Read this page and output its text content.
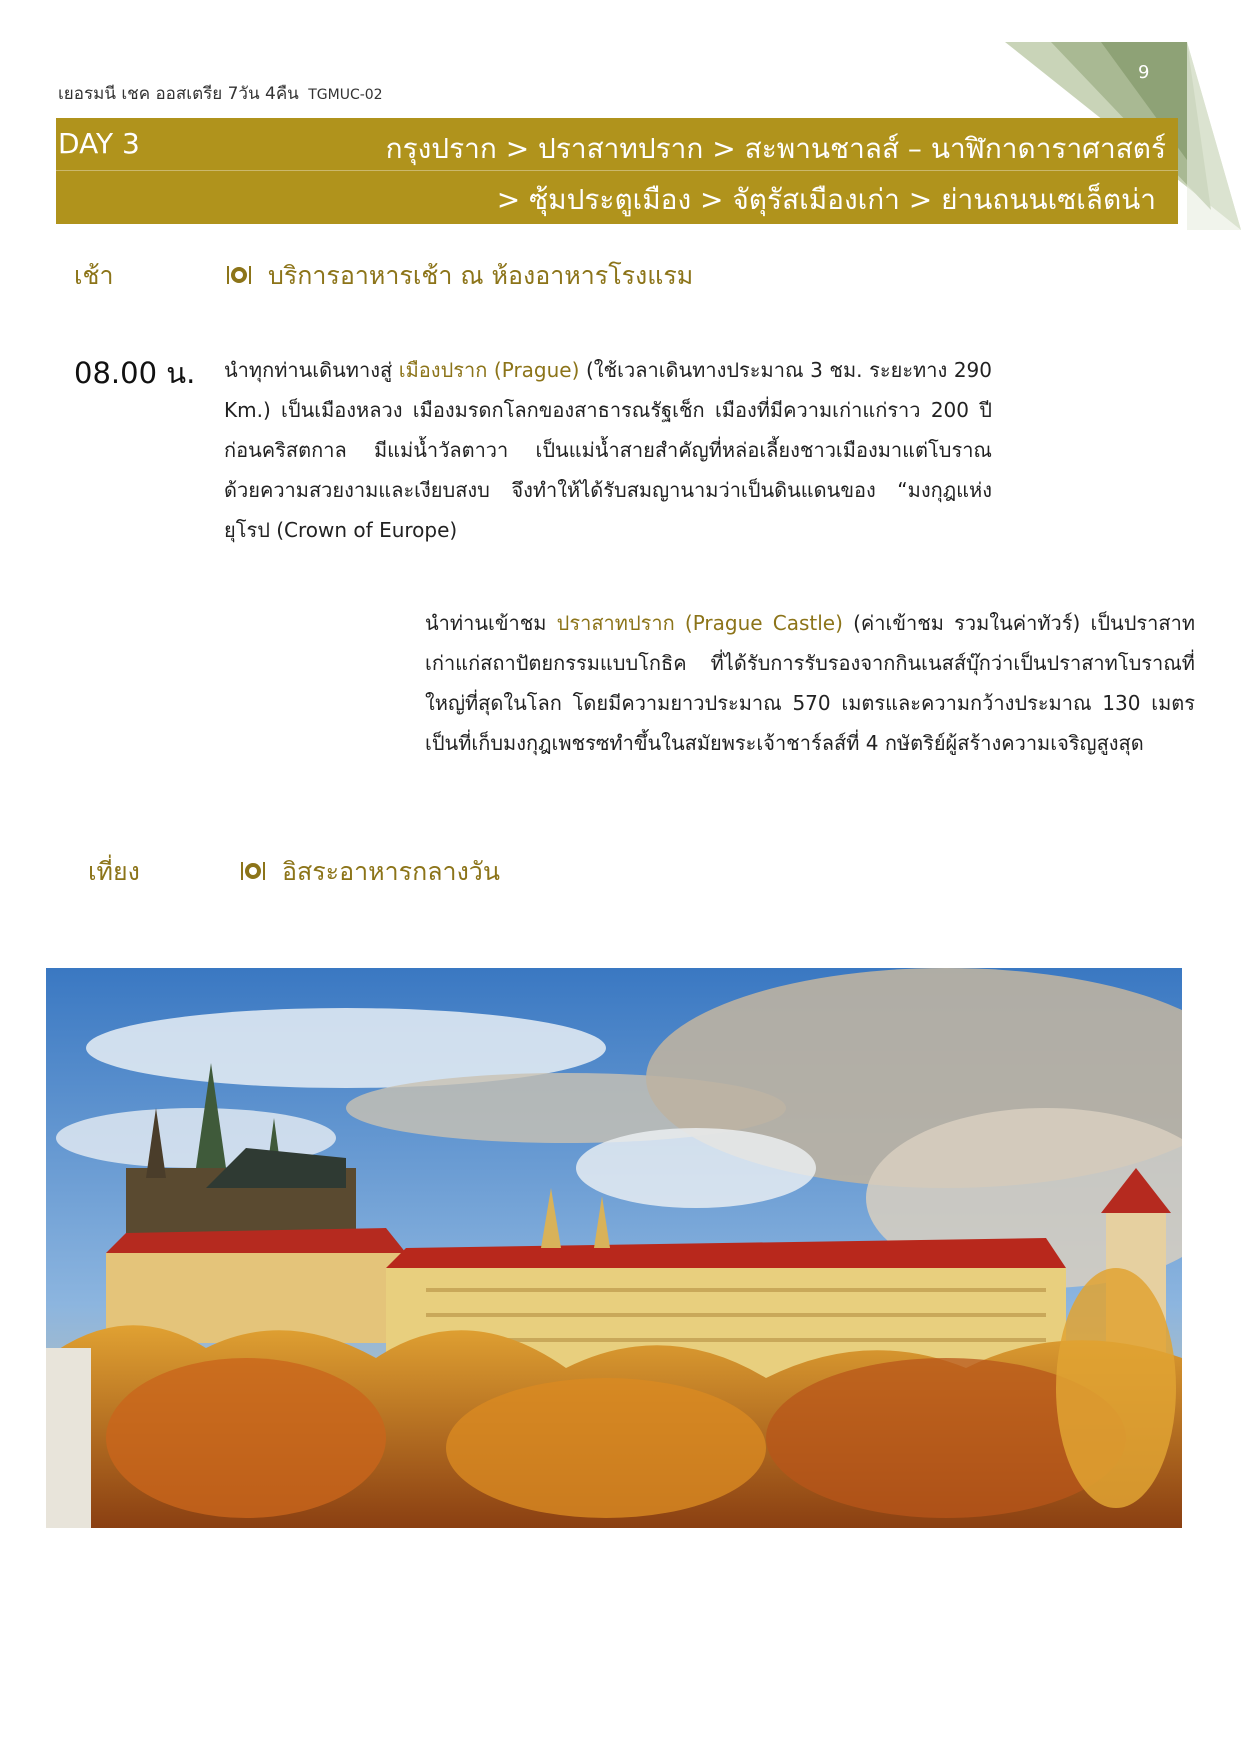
9
เยอรมนี เชค ออสเตรีย 7วัน 4คืน TGMUC-02
DAY 3	กรุงปราก > ปราสาทปราก > สะพานชาลส์ – นาฬิกาดาราศาสตร์
> ซุ้มประตูเมือง > จัตุรัสเมืองเก่า > ย่านถนนเซเล็ตน่า
เช้า	บริการอาหารเช้า ณ ห้องอาหารโรงแรม
08.00 น. นำทุกท่านเดินทางสู่ เมืองปราก (Prague) (ใช้เวลาเดินทางประมาณ 3 ชม. ระยะทาง 290 Km.) เป็นเมืองหลวง เมืองมรดกโลกของสาธารณรัฐเช็ก เมืองที่มีความเก่าแก่ราว 200 ปีก่อนคริสตกาล มีแม่น้ำวัลตาวา เป็นแม่น้ำสายสำคัญที่หล่อเลี้ยงชาวเมืองมาแต่โบราณ ด้วยความสวยงามและเงียบสงบ จึงทำให้ได้รับสมญานามว่าเป็นดินแดนของ “มงกุฎแห่งยุโรป (Crown of Europe)

นำท่านเข้าชม ปราสาทปราก (Prague Castle) (ค่าเข้าชม รวมในค่าทัวร์) เป็นปราสาทเก่าแก่สถาปัตยกรรมแบบโกธิค ที่ได้รับการรับรองจากกินเนสส์บุ๊กว่าเป็นปราสาทโบราณที่ใหญ่ที่สุดในโลก โดยมีความยาวประมาณ 570 เมตรและความกว้างประมาณ 130 เมตร เป็นที่เก็บมงกุฎเพชรซทำขึ้นในสมัยพระเจ้าชาร์ลส์ที่ 4 กษัตริย์ผู้สร้างความเจริญสูงสุด

เที่ยง	อิสระอาหารกลางวัน
